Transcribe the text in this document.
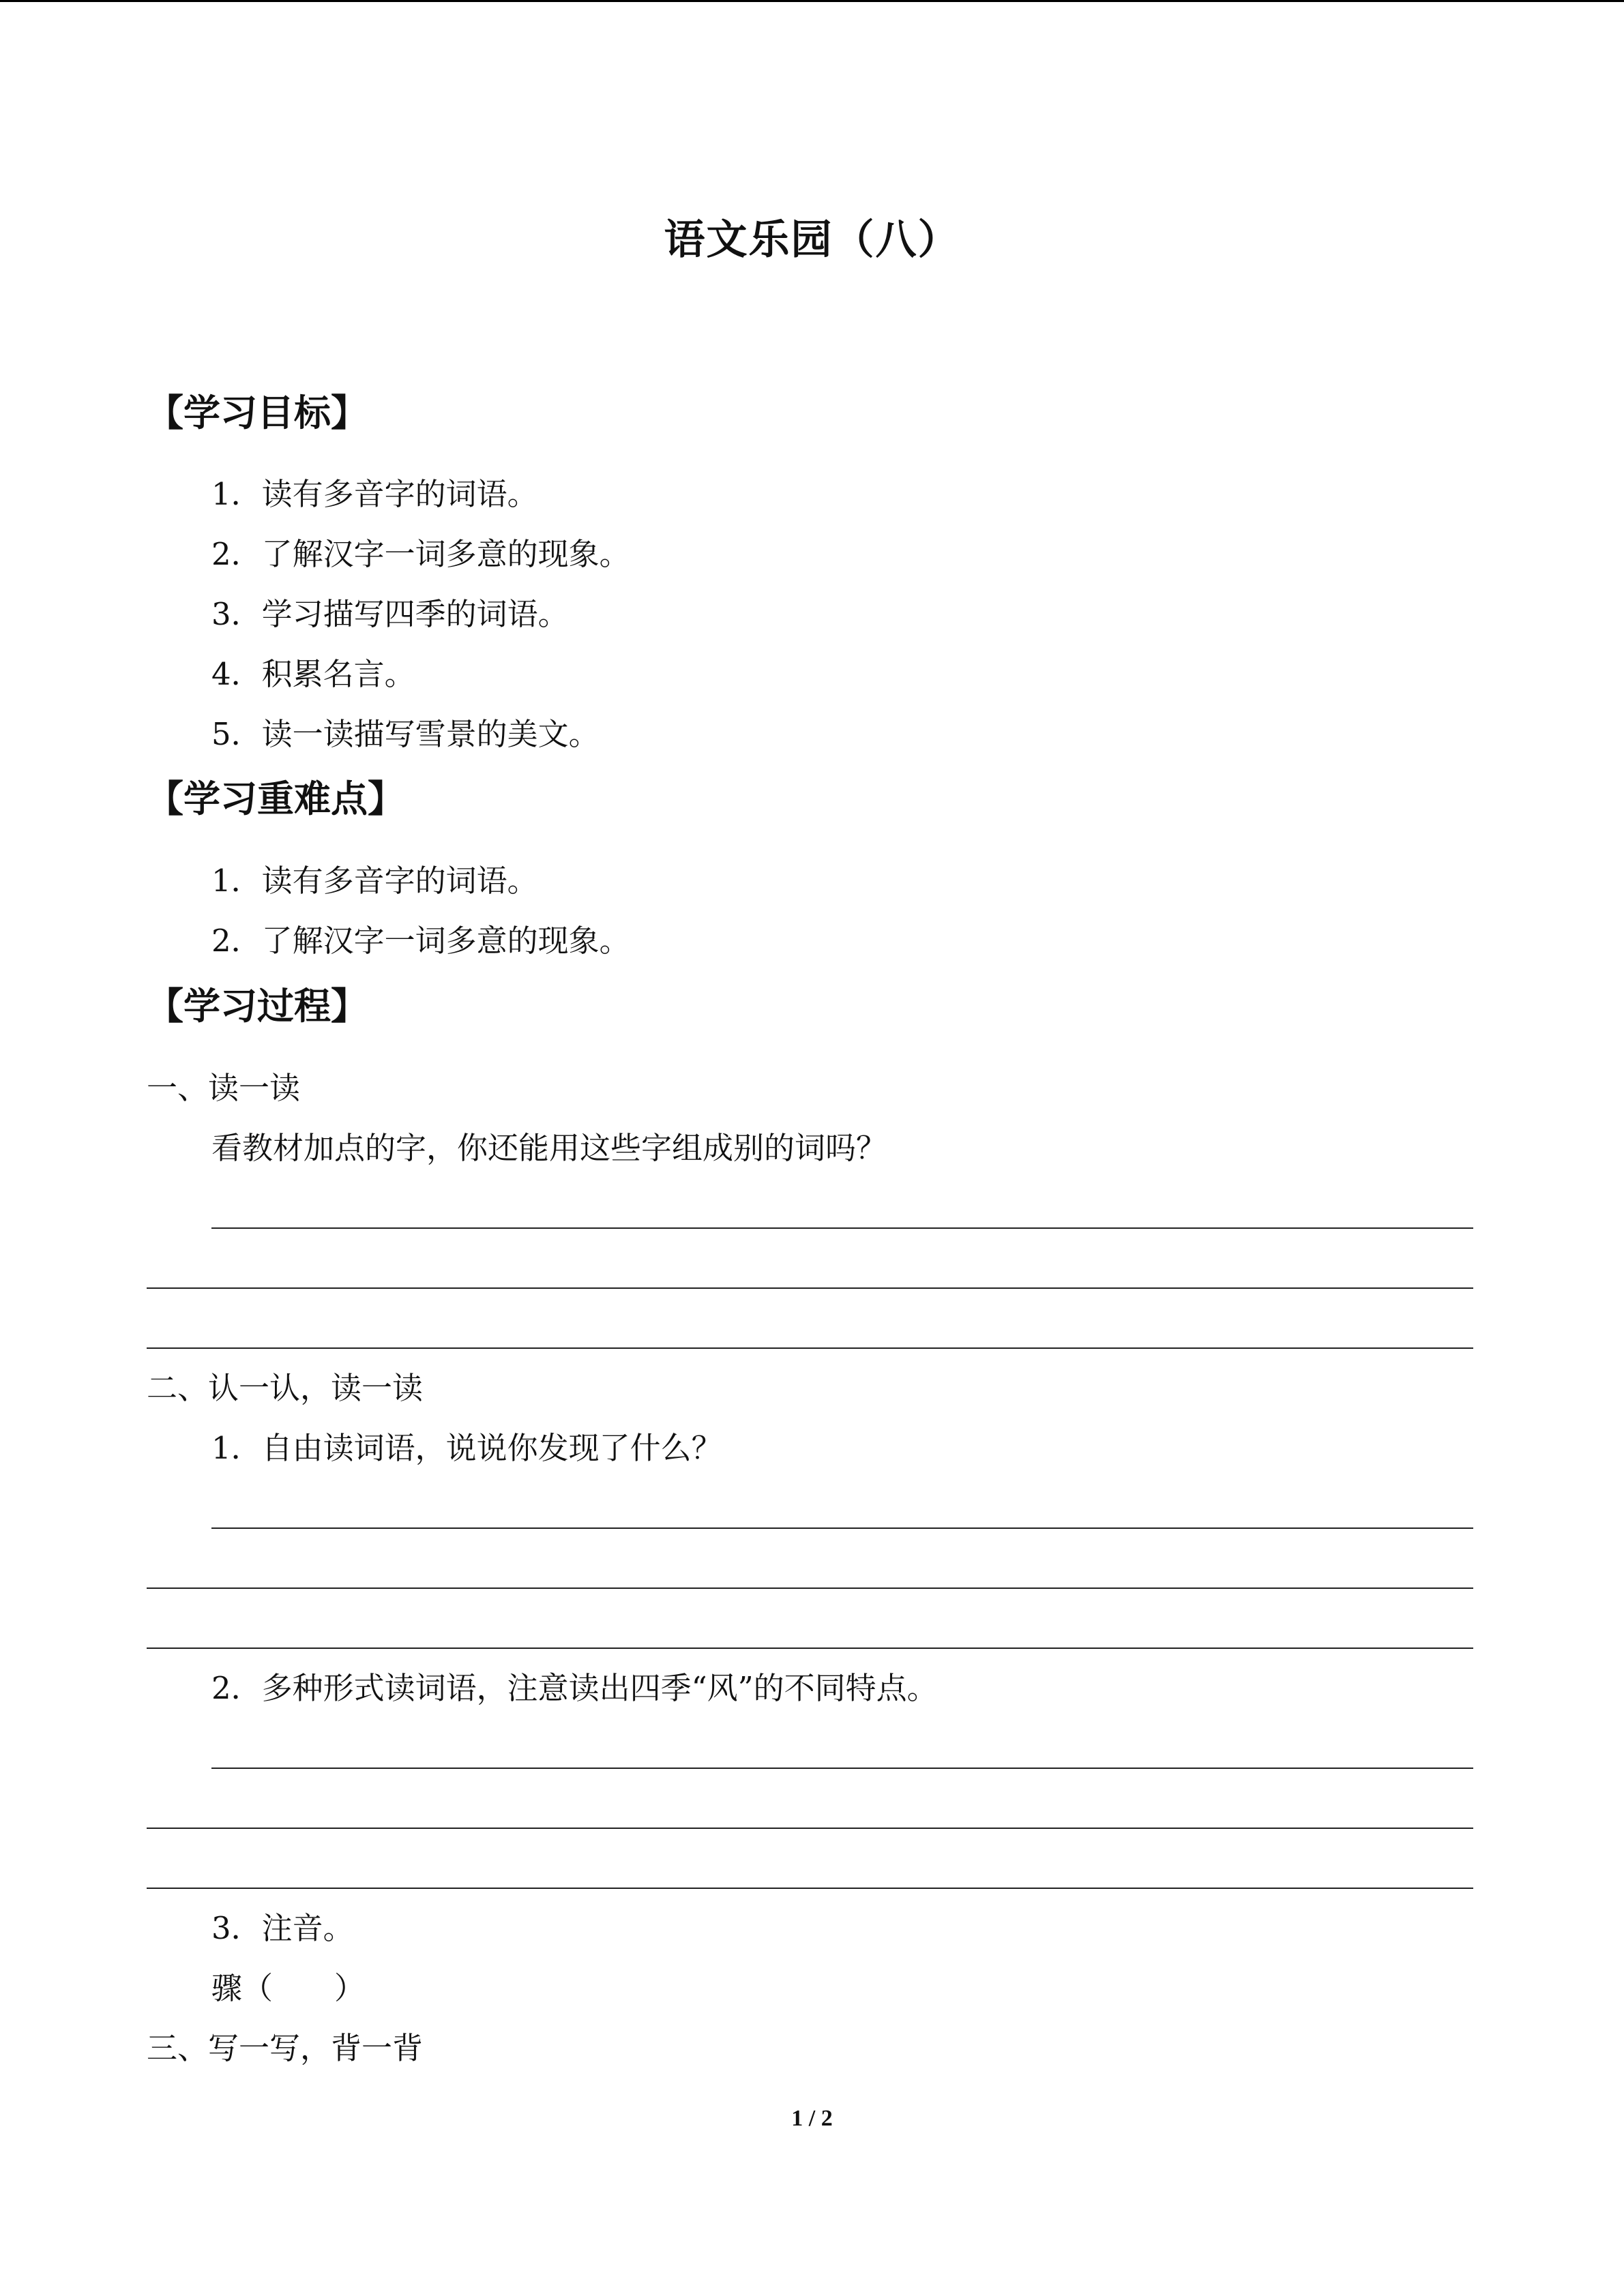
语文乐园（八）
【学习目标】
1．读有多音字的词语。
2．了解汉字一词多意的现象。
3．学习描写四季的词语。
4．积累名言。
5．读一读描写雪景的美文。
【学习重难点】
1．读有多音字的词语。
2．了解汉字一词多意的现象。
【学习过程】
一、读一读
看教材加点的字，你还能用这些字组成别的词吗？
二、认一认，读一读
1．自由读词语，说说你发现了什么？
2．多种形式读词语，注意读出四季“风”的不同特点。
3．注音。
骤（　　）
三、写一写，背一背
1 / 2
